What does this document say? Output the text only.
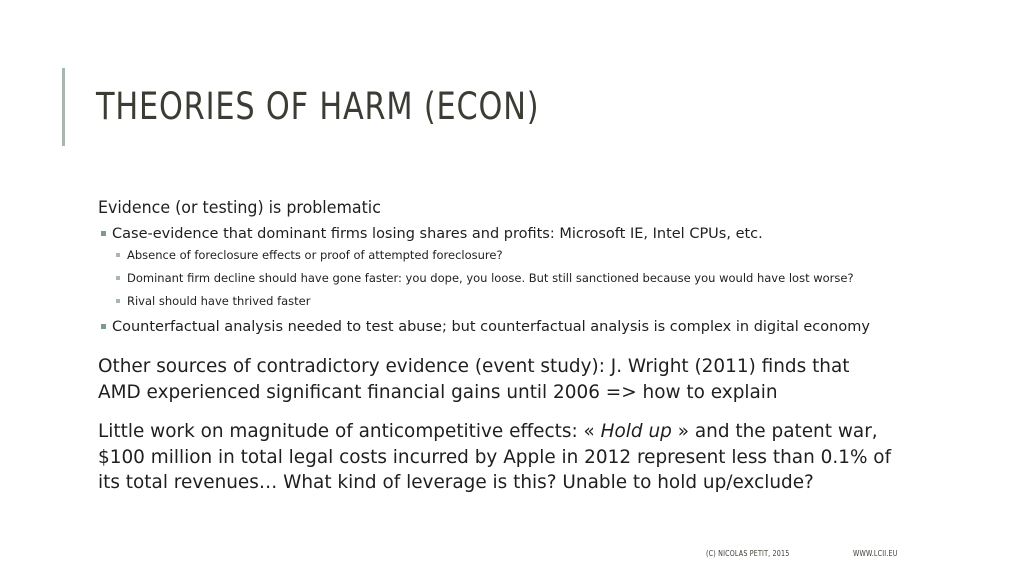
THEORIES OF HARM (ECON)

Evidence (or testing) is problematic

Case-evidence that dominant firms losing shares and profits: Microsoft IE, Intel CPUs, etc.

Absence of foreclosure effects or proof of attempted foreclosure?

Dominant firm decline should have gone faster: you dope, you loose. But still sanctioned because you would have lost worse?

Rival should have thrived faster

Counterfactual analysis needed to test abuse; but counterfactual analysis is complex in digital economy

Other sources of contradictory evidence (event study): J. Wright (2011) finds that AMD experienced significant financial gains until 2006 => how to explain

Little work on magnitude of anticompetitive effects: « Hold up » and the patent war, $100 million in total legal costs incurred by Apple in 2012 represent less than 0.1% of its total revenues… What kind of leverage is this? Unable to hold up/exclude?

(C) NICOLAS PETIT, 2015	WWW.LCII.EU
